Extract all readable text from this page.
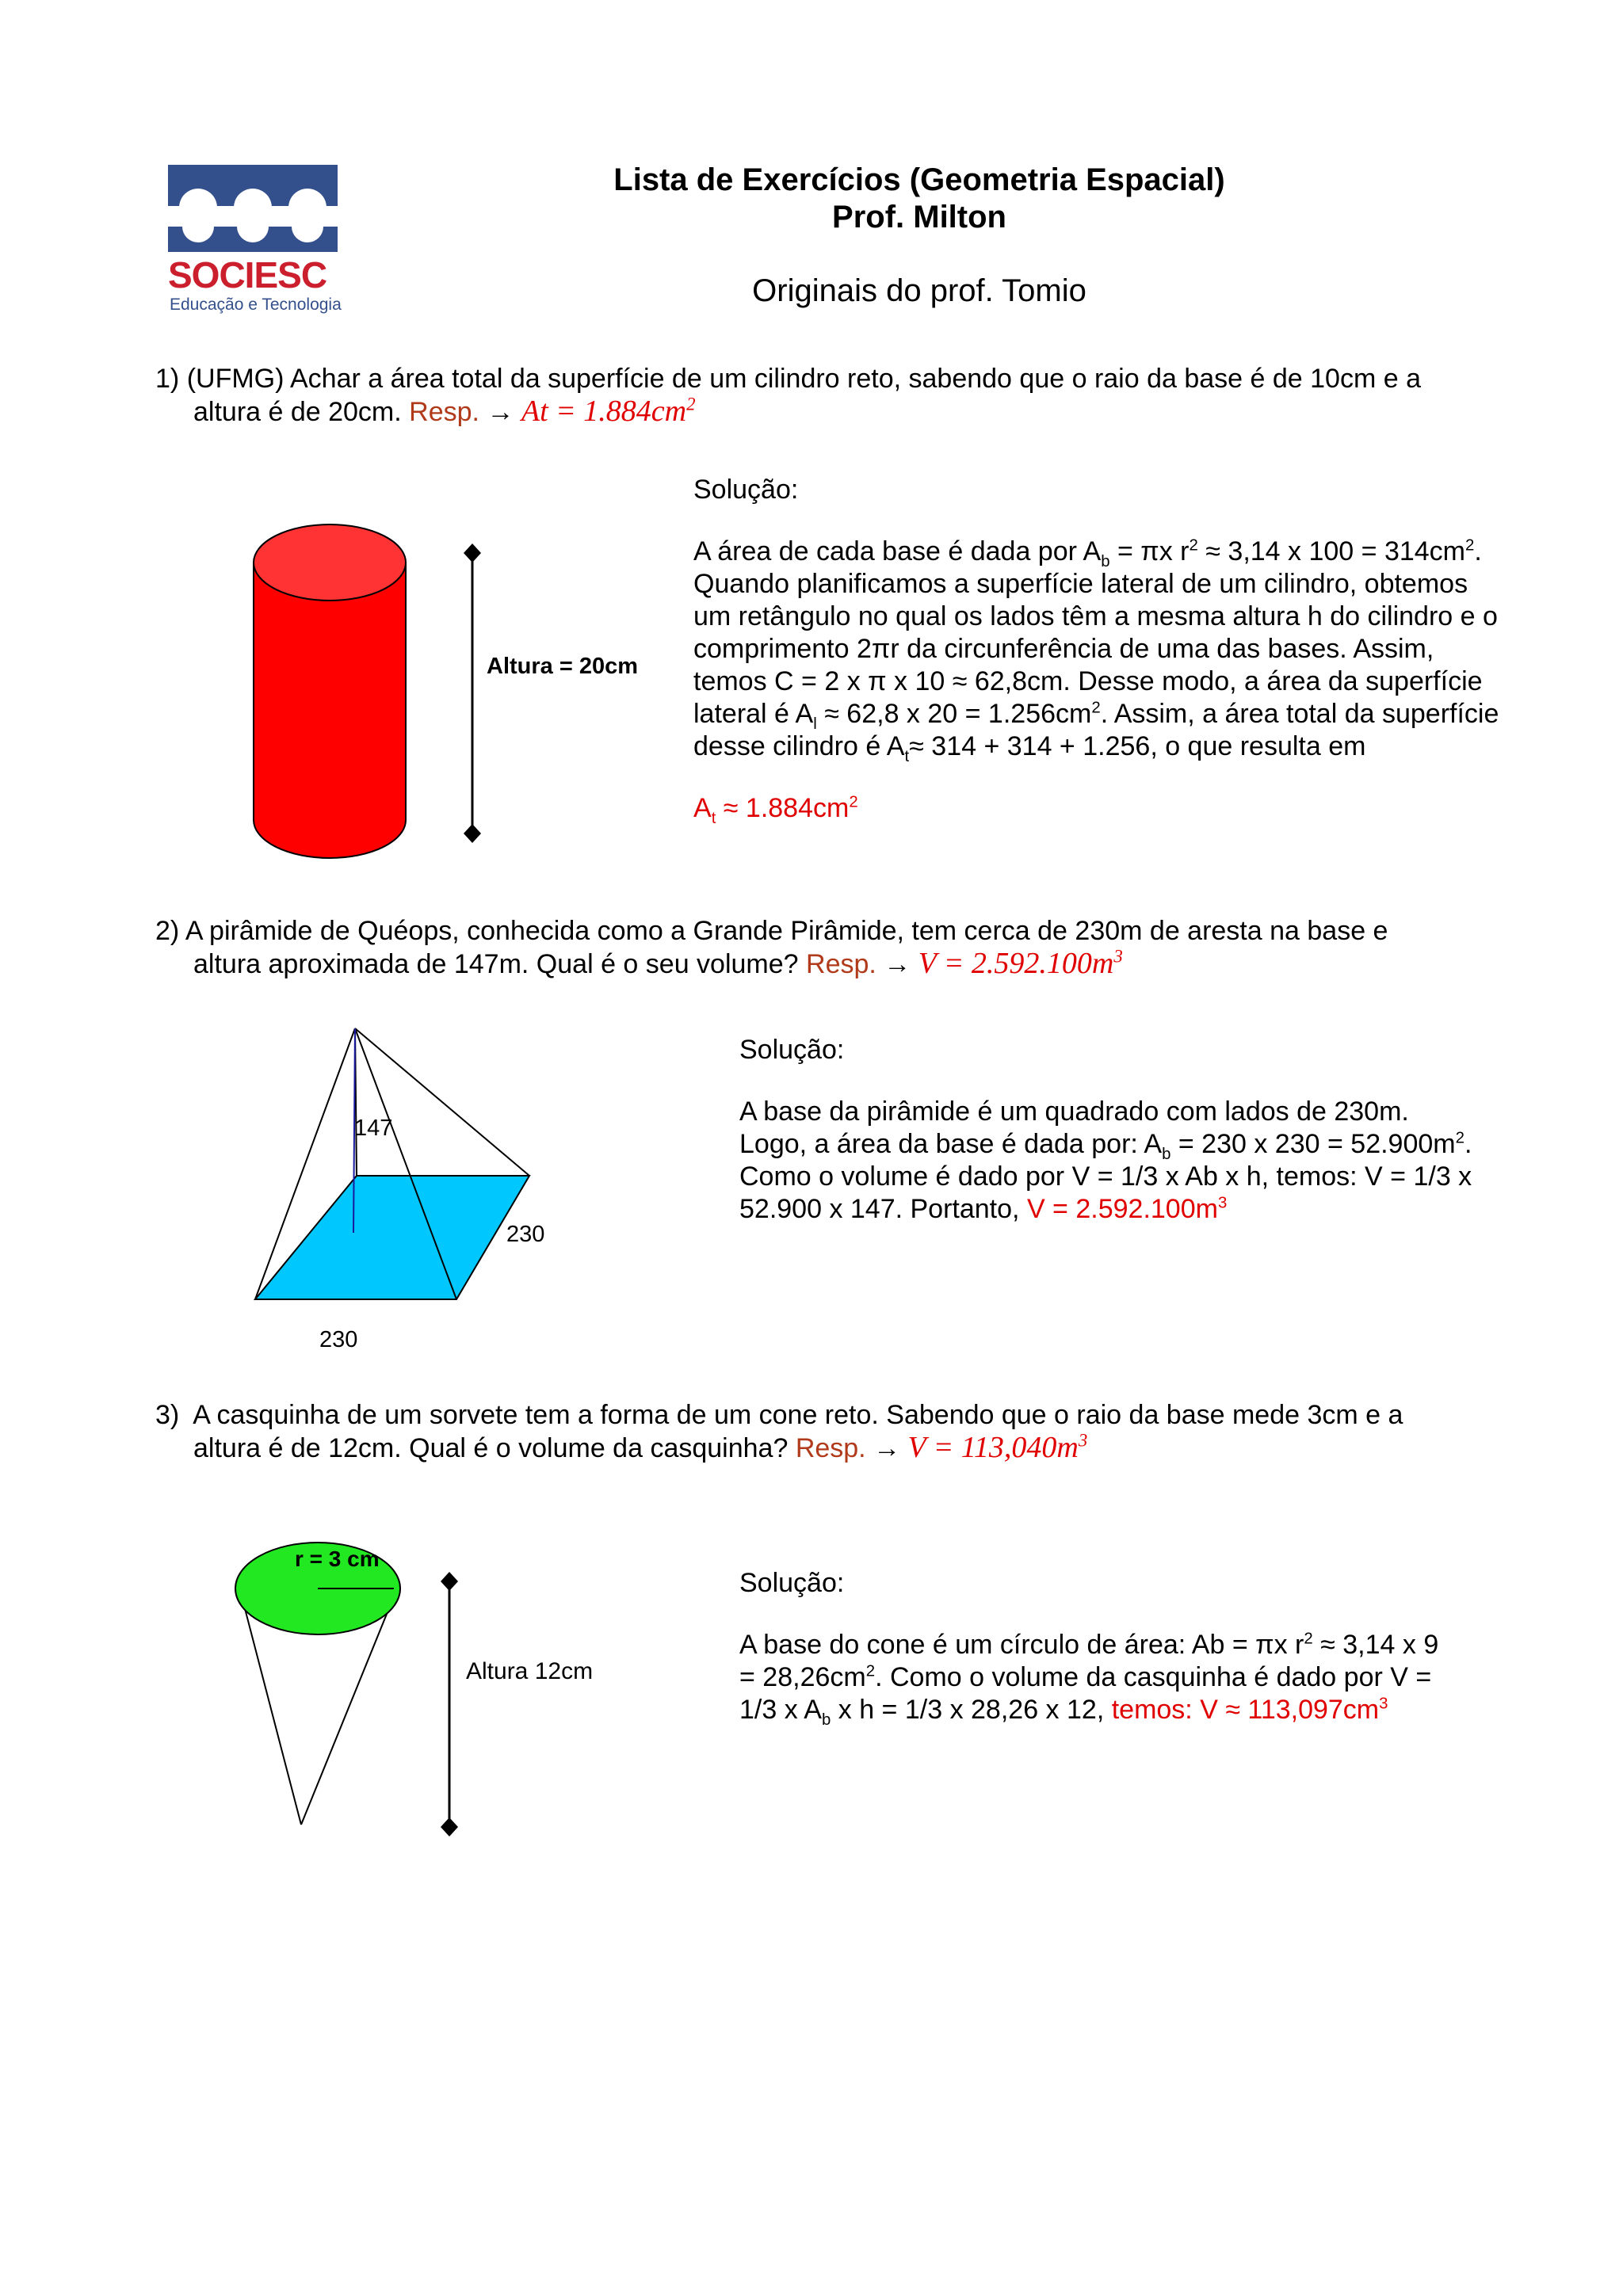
SOCIESC
Educação e Tecnologia
Lista de Exercícios (Geometria Espacial)
Prof. Milton
Originais do prof. Tomio
1) (UFMG) Achar a área total da superfície de um cilindro reto, sabendo que o raio da base é de 10cm e a
altura é de 20cm. Resp. → $At = 1.884cm^2$
Altura = 20cm
Solução:
A área de cada base é dada por $A_b = \pi x$ $r^2 \approx 3,14$ x $100 = 314cm^2$.
Quando planificamos a superfície lateral de um cilindro, obtemos
um retângulo no qual os lados têm a mesma altura h do cilindro e o
comprimento 2πr da circunferência de uma das bases. Assim,
temos C = 2 x π x 10 ≈ 62,8cm. Desse modo, a área da superfície
lateral é $A_l \approx 62,8$ x $20 = 1.256cm^2$. Assim, a área total da superfície
desse cilindro é $A_t\approx 314 + 314 + 1.256$, o que resulta em
$A_t \approx 1.884cm^2$
2) A pirâmide de Quéops, conhecida como a Grande Pirâmide, tem cerca de 230m de aresta na base e
altura aproximada de 147m. Qual é o seu volume? Resp. → $V = 2.592.100m^3$
147
230
230
Solução:
A base da pirâmide é um quadrado com lados de 230m.
Logo, a área da base é dada por: $A_b = 230$ x $230 = 52.900m^2$.
Como o volume é dado por V = 1/3 x Ab x h, temos: V = 1/3 x
52.900 x 147. Portanto, $V = 2.592.100m^3$
3) A casquinha de um sorvete tem a forma de um cone reto. Sabendo que o raio da base mede 3cm e a
altura é de 12cm. Qual é o volume da casquinha? Resp. → $V = 113,040m^3$
r = 3 cm
Altura 12cm
Solução:
A base do cone é um círculo de área: Ab = πx $r^2 \approx 3,14$ x 9
= $28,26cm^2$. Como o volume da casquinha é dado por V =
1/3 x $A_b$ x h = 1/3 x 28,26 x 12, temos: $V \approx 113,097cm^3$
